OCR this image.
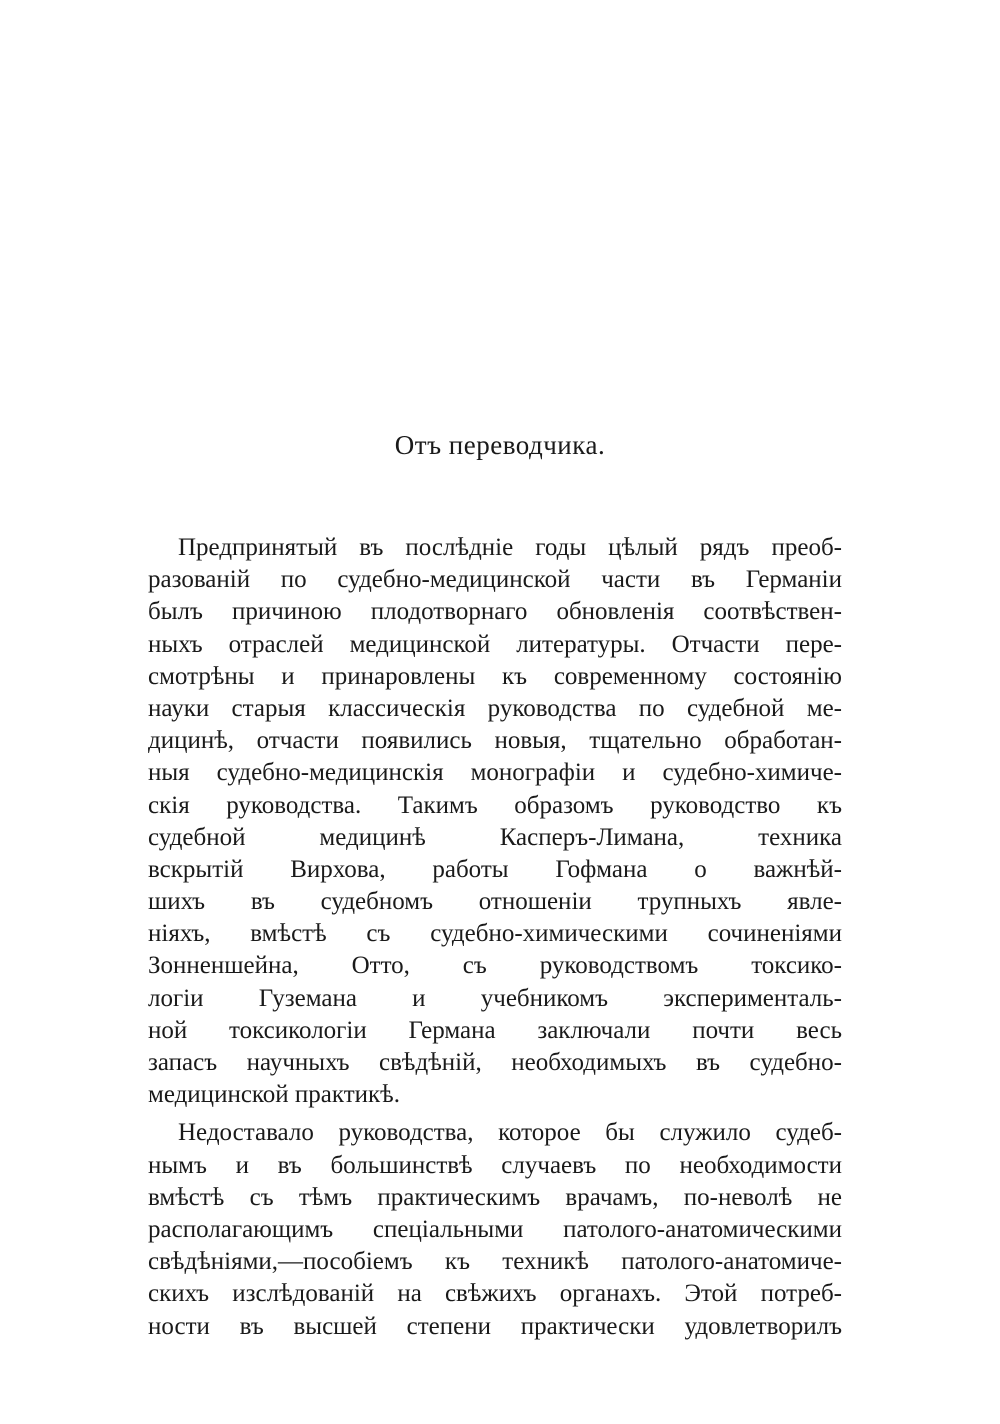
Отъ переводчика.
Предпринятый въ послѣдніе годы цѣлый рядъ преоб-
разованій по судебно-медицинской части въ Германіи
былъ причиною плодотворнаго обновленія соотвѣствен-
ныхъ отраслей медицинской литературы. Отчасти пере-
смотрѣны и принаровлены къ современному состоянію
науки старыя классическія руководства по судебной ме-
дицинѣ, отчасти появились новыя, тщательно обработан-
ныя судебно-медицинскія монографіи и судебно-химиче-
скія руководства. Такимъ образомъ руководство къ
судебной медицинѣ Касперъ-Лимана, техника
вскрытій Вирхова, работы Гофмана о важнѣй-
шихъ въ судебномъ отношеніи трупныхъ явле-
ніяхъ, вмѣстѣ съ судебно-химическими сочиненіями
Зонненшейна, Отто, съ руководствомъ токсико-
логіи Гуземана и учебникомъ эксперименталь-
ной токсикологіи Германа заключали почти весь
запасъ научныхъ свѣдѣній, необходимыхъ въ судебно-
медицинской практикѣ.
Недоставало руководства, которое бы служило судеб-
нымъ и въ большинствѣ случаевъ по необходимости
вмѣстѣ съ тѣмъ практическимъ врачамъ, по-неволѣ не
располагающимъ спеціальными патолого-анатомическими
свѣдѣніями,—пособіемъ къ техникѣ патолого-анатомиче-
скихъ изслѣдованій на свѣжихъ органахъ. Этой потреб-
ности въ высшей степени практически удовлетворилъ
